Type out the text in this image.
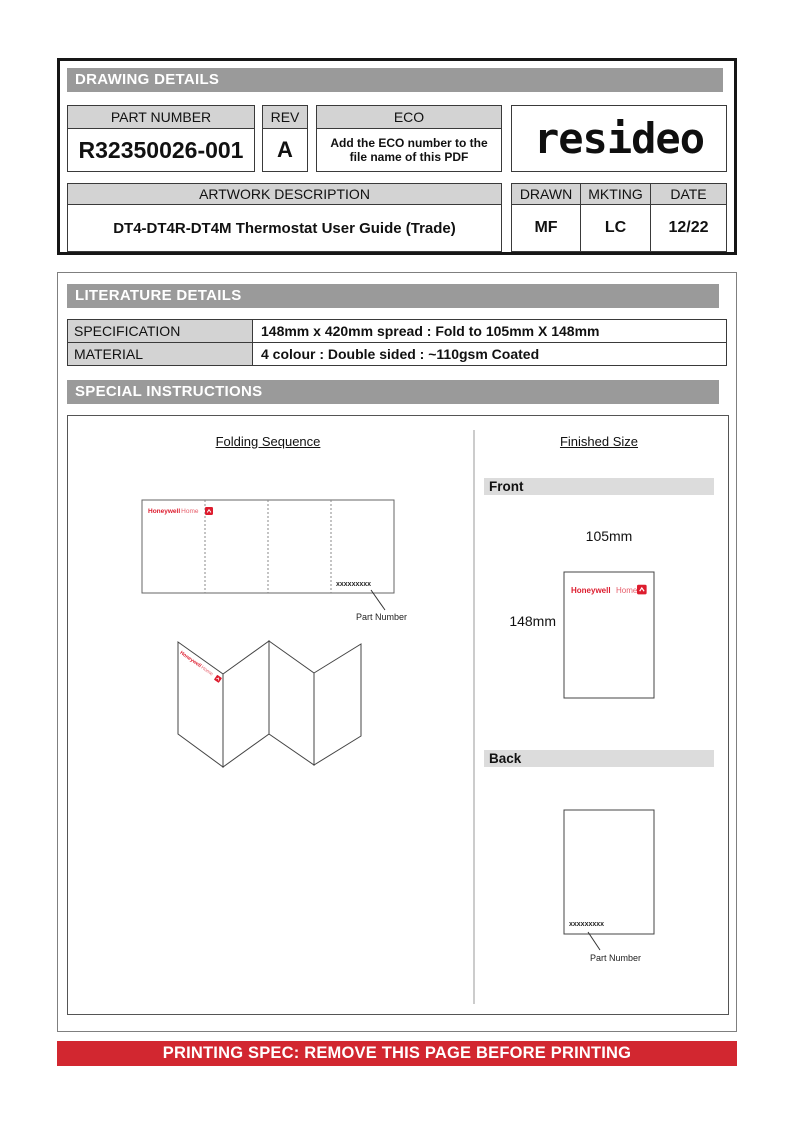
DRAWING DETAILS
PART NUMBER
R32350026-001
REV
A
ECO
Add the ECO number to the file name of this PDF	resideo
ARTWORK DESCRIPTION
DT4-DT4R-DT4M Thermostat User Guide (Trade)
DRAWN	MKTING	DATE
MF	LC	12/22
LITERATURE DETAILS
SPECIFICATION	148mm x 420mm spread : Fold to 105mm X 148mm
MATERIAL	4 colour : Double sided : ~110gsm Coated
SPECIAL INSTRUCTIONS
Folding Sequence
Honeywell Home
xxxxxxxxx
Part Number
Honeywell
Home
Finished Size
Front
105mm
148mm
Honeywell Home
Back
xxxxxxxxx
Part Number
PRINTING SPEC: REMOVE THIS PAGE BEFORE PRINTING
